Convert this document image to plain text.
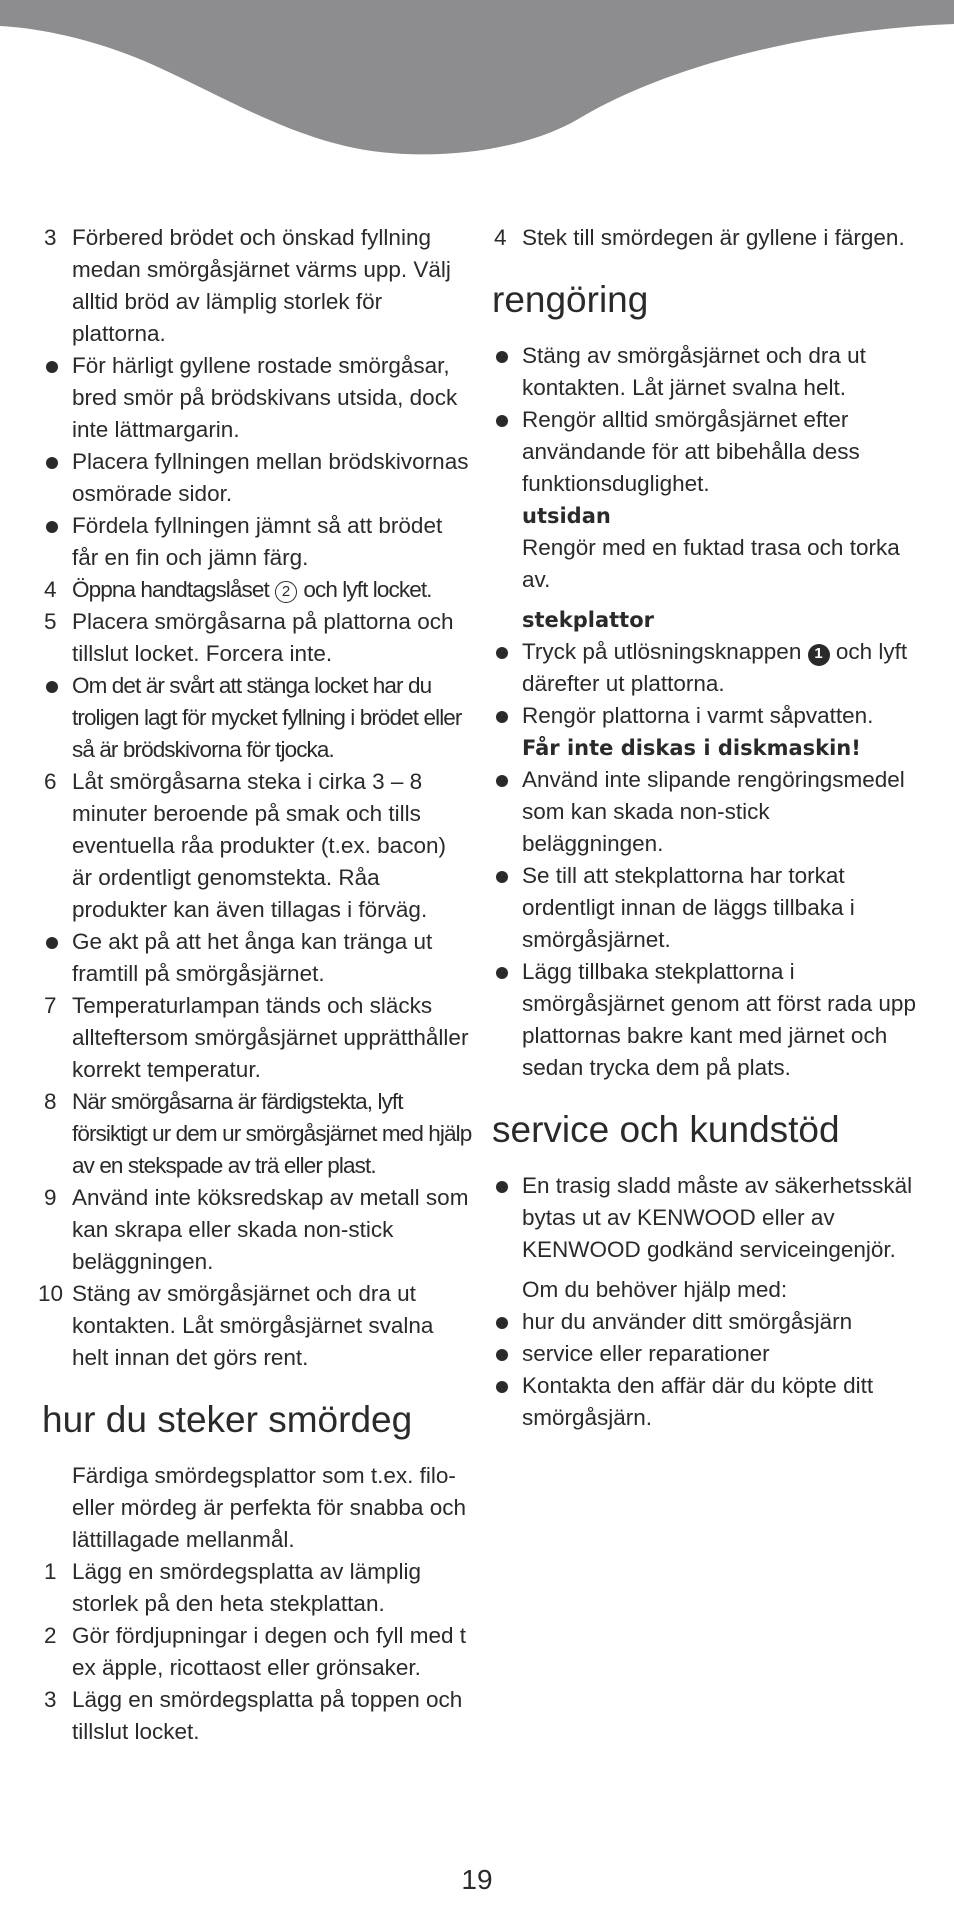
3 Förbered brödet och önskad fyllning medan smörgåsjärnet värms upp. Välj alltid bröd av lämplig storlek för plattorna.
För härligt gyllene rostade smörgåsar, bred smör på brödskivans utsida, dock inte lättmargarin.
Placera fyllningen mellan brödskivornas osmörade sidor.
Fördela fyllningen jämnt så att brödet får en fin och jämn färg.
4 Öppna handtagslåset 2 och lyft locket.
5 Placera smörgåsarna på plattorna och tillslut locket. Forcera inte.
Om det är svårt att stänga locket har du troligen lagt för mycket fyllning i brödet eller så är brödskivorna för tjocka.
6 Låt smörgåsarna steka i cirka 3 – 8 minuter beroende på smak och tills eventuella råa produkter (t.ex. bacon) är ordentligt genomstekta. Råa produkter kan även tillagas i förväg.
Ge akt på att het ånga kan tränga ut framtill på smörgåsjärnet.
7 Temperaturlampan tänds och släcks allteftersom smörgåsjärnet upprätthåller korrekt temperatur.
8 När smörgåsarna är färdigstekta, lyft försiktigt ur dem ur smörgåsjärnet med hjälp av en stekspade av trä eller plast.
9 Använd inte köksredskap av metall som kan skrapa eller skada non-stick beläggningen.
10 Stäng av smörgåsjärnet och dra ut kontakten. Låt smörgåsjärnet svalna helt innan det görs rent.
hur du steker smördeg
Färdiga smördegsplattor som t.ex. filo- eller mördeg är perfekta för snabba och lättillagade mellanmål.
1 Lägg en smördegsplatta av lämplig storlek på den heta stekplattan.
2 Gör fördjupningar i degen och fyll med t ex äpple, ricottaost eller grönsaker.
3 Lägg en smördegsplatta på toppen och tillslut locket.
4 Stek till smördegen är gyllene i färgen.
rengöring
Stäng av smörgåsjärnet och dra ut kontakten. Låt järnet svalna helt.
Rengör alltid smörgåsjärnet efter användande för att bibehålla dess funktionsduglighet.
utsidan
Rengör med en fuktad trasa och torka av.
stekplattor
Tryck på utlösningsknappen 1 och lyft därefter ut plattorna.
Rengör plattorna i varmt såpvatten.
Får inte diskas i diskmaskin!
Använd inte slipande rengöringsmedel som kan skada non-stick beläggningen.
Se till att stekplattorna har torkat ordentligt innan de läggs tillbaka i smörgåsjärnet.
Lägg tillbaka stekplattorna i smörgåsjärnet genom att först rada upp plattornas bakre kant med järnet och sedan trycka dem på plats.
service och kundstöd
En trasig sladd måste av säkerhetsskäl bytas ut av KENWOOD eller av KENWOOD godkänd serviceingenjör.
Om du behöver hjälp med:
hur du använder ditt smörgåsjärn
service eller reparationer
Kontakta den affär där du köpte ditt smörgåsjärn.
19
